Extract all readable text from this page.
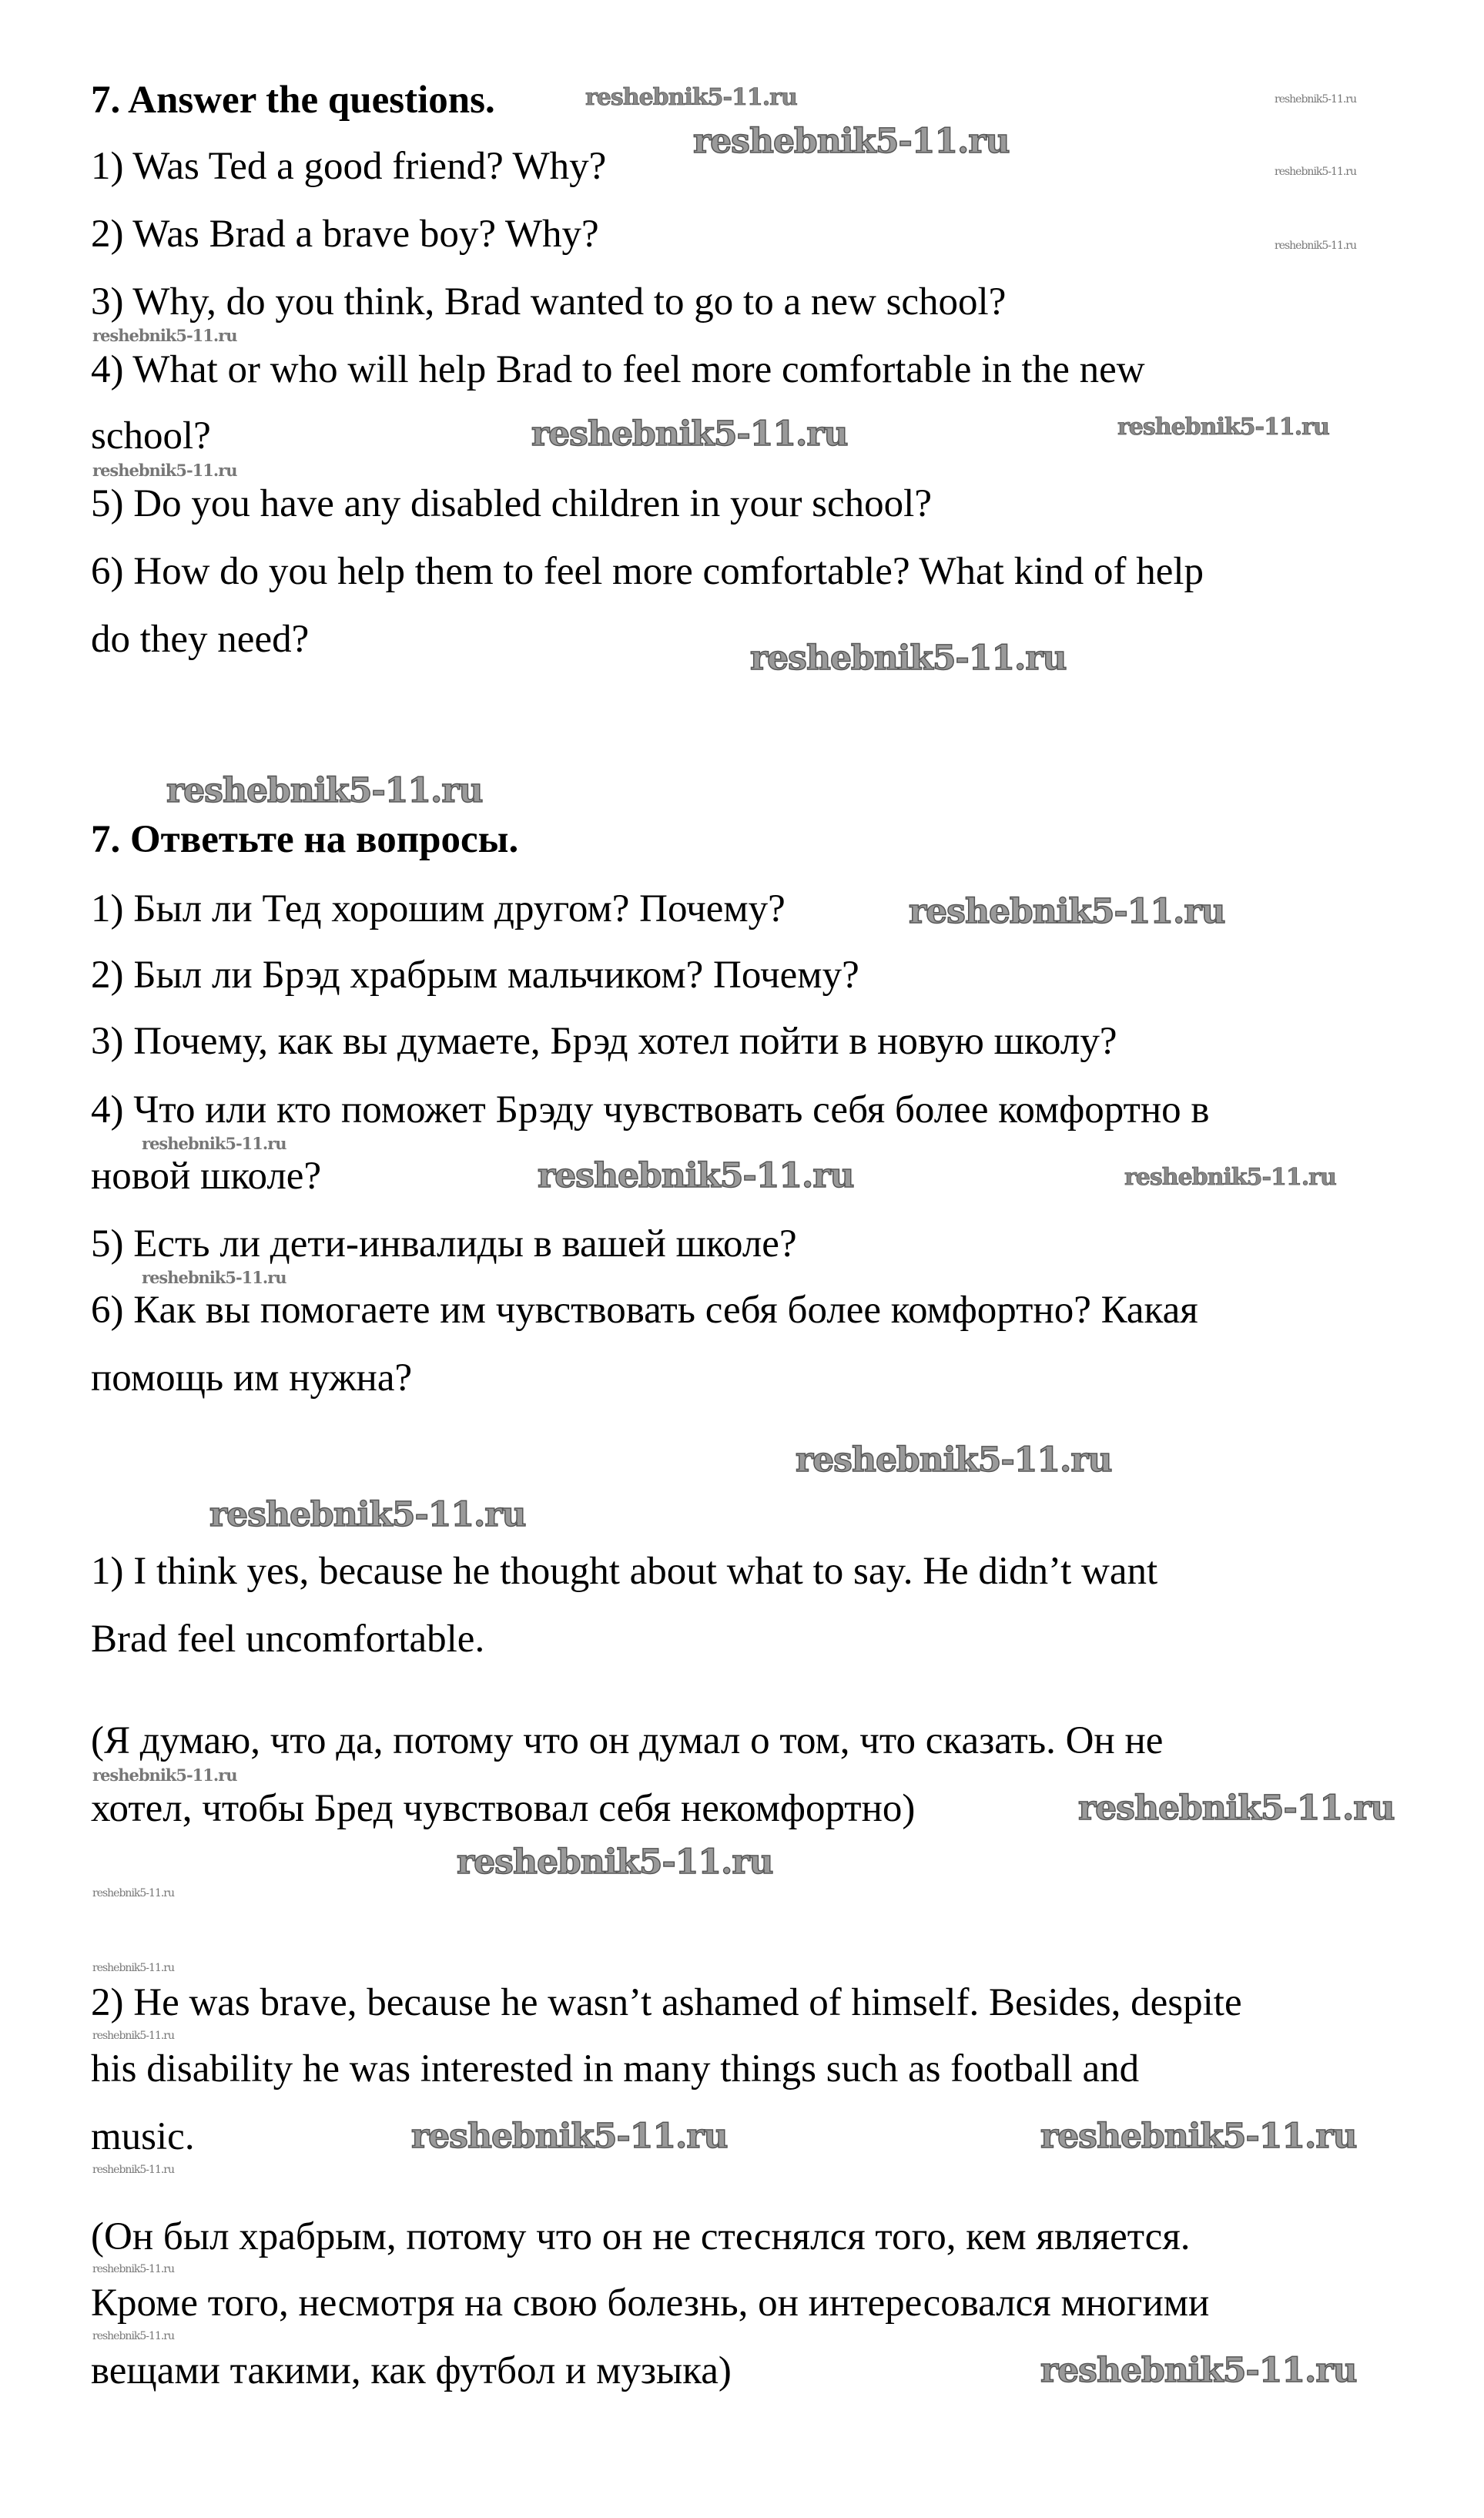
7. Answer the questions.
1) Was Ted a good friend? Why?
2) Was Brad a brave boy? Why?
3) Why, do you think, Brad wanted to go to a new school?
4) What or who will help Brad to feel more comfortable in the new
school?
5) Do you have any disabled children in your school?
6) How do you help them to feel more comfortable? What kind of help
do they need?
7. Ответьте на вопросы.
1) Был ли Тед хорошим другом? Почему?
2) Был ли Брэд храбрым мальчиком? Почему?
3) Почему, как вы думаете, Брэд хотел пойти в новую школу?
4) Что или кто поможет Брэду чувствовать себя более комфортно в
новой школе?
5) Есть ли дети-инвалиды в вашей школе?
6) Как вы помогаете им чувствовать себя более комфортно? Какая
помощь им нужна?
1) I think yes, because he thought about what to say. He didn’t want
Brad feel uncomfortable.
(Я думаю, что да, потому что он думал о том, что сказать. Он не
хотел, чтобы Бред чувствовал себя некомфортно)
2) He was brave, because he wasn’t ashamed of himself. Besides, despite
his disability he was interested in many things such as football and
music.
(Он был храбрым, потому что он не стеснялся того, кем является.
Кроме того, несмотря на свою болезнь, он интересовался многими
вещами такими, как футбол и музыка)
reshebnik5-11.ru
reshebnik5-11.ru
reshebnik5-11.ru
reshebnik5-11.ru
reshebnik5-11.ru
reshebnik5-11.ru
reshebnik5-11.ru
reshebnik5-11.ru
reshebnik5-11.ru
reshebnik5-11.ru
reshebnik5-11.ru	reshebnik5-11.ru
reshebnik5-11.ru
reshebnik5-11.ru
reshebnik5-11.ru
reshebnik5-11.ru
reshebnik5-11.ru
reshebnik5-11.ru
reshebnik5-11.ru
reshebnik5-11.ru
reshebnik5-11.ru
reshebnik5-11.ru
reshebnik5-11.ru
reshebnik5-11.ru
reshebnik5-11.ru
reshebnik5-11.ru
reshebnik5-11.ru
reshebnik5-11.ru
reshebnik5-11.ru
reshebnik5-11.ru
